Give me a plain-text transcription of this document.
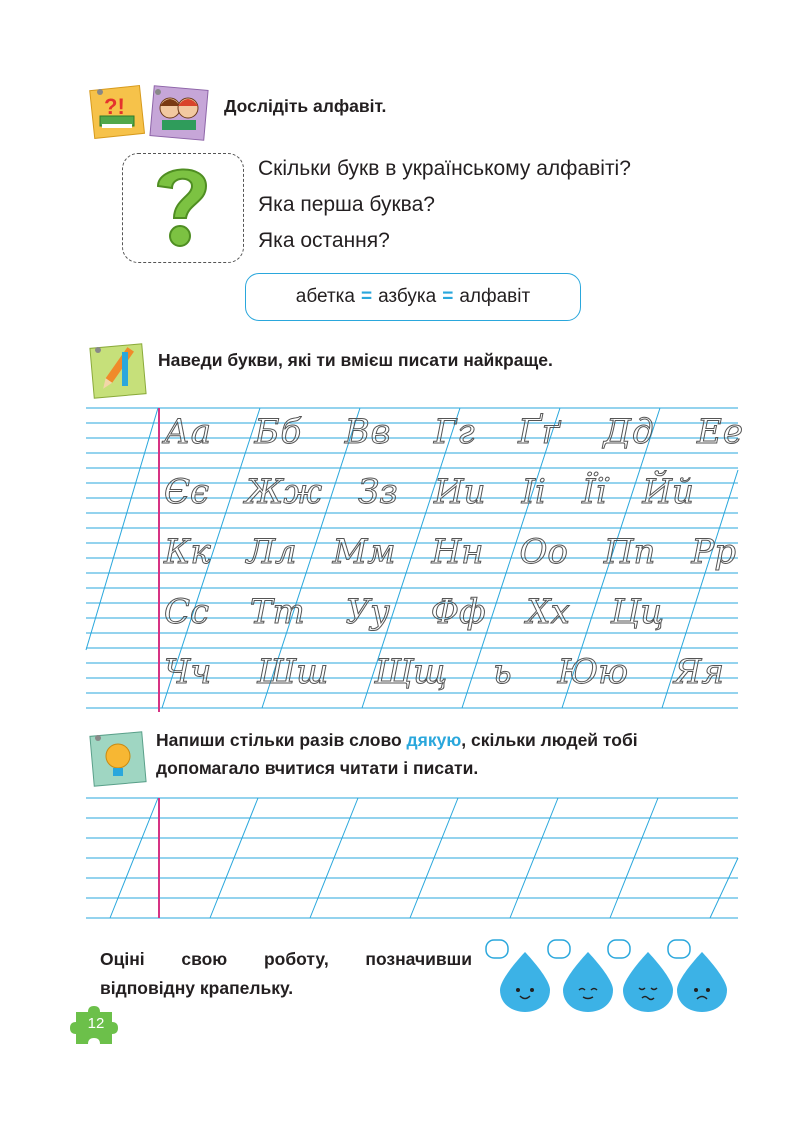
?!	Дослідіть алфавіт.
Скільки букв в українському алфавіті?
Яка перша буква?
Яка остання?
абетка = азбука = алфавіт
Наведи букви, які ти вмієш писати найкраще.
Аа Бб Вв Гг Ґґ Дд Ее
Єє Жж Зз Ии Іі Її Йй
Кк Лл Мм Нн Оо Пп Рр
Сс Тт Уу Фф Хх Цц
Чч Шш Щщ ь Юю Яя
Напиши стільки разів слово дякую, скільки людей тобі допомагало вчитися читати і писати.
Оцінi свою роботу, позначивши відповідну крапельку.
12
